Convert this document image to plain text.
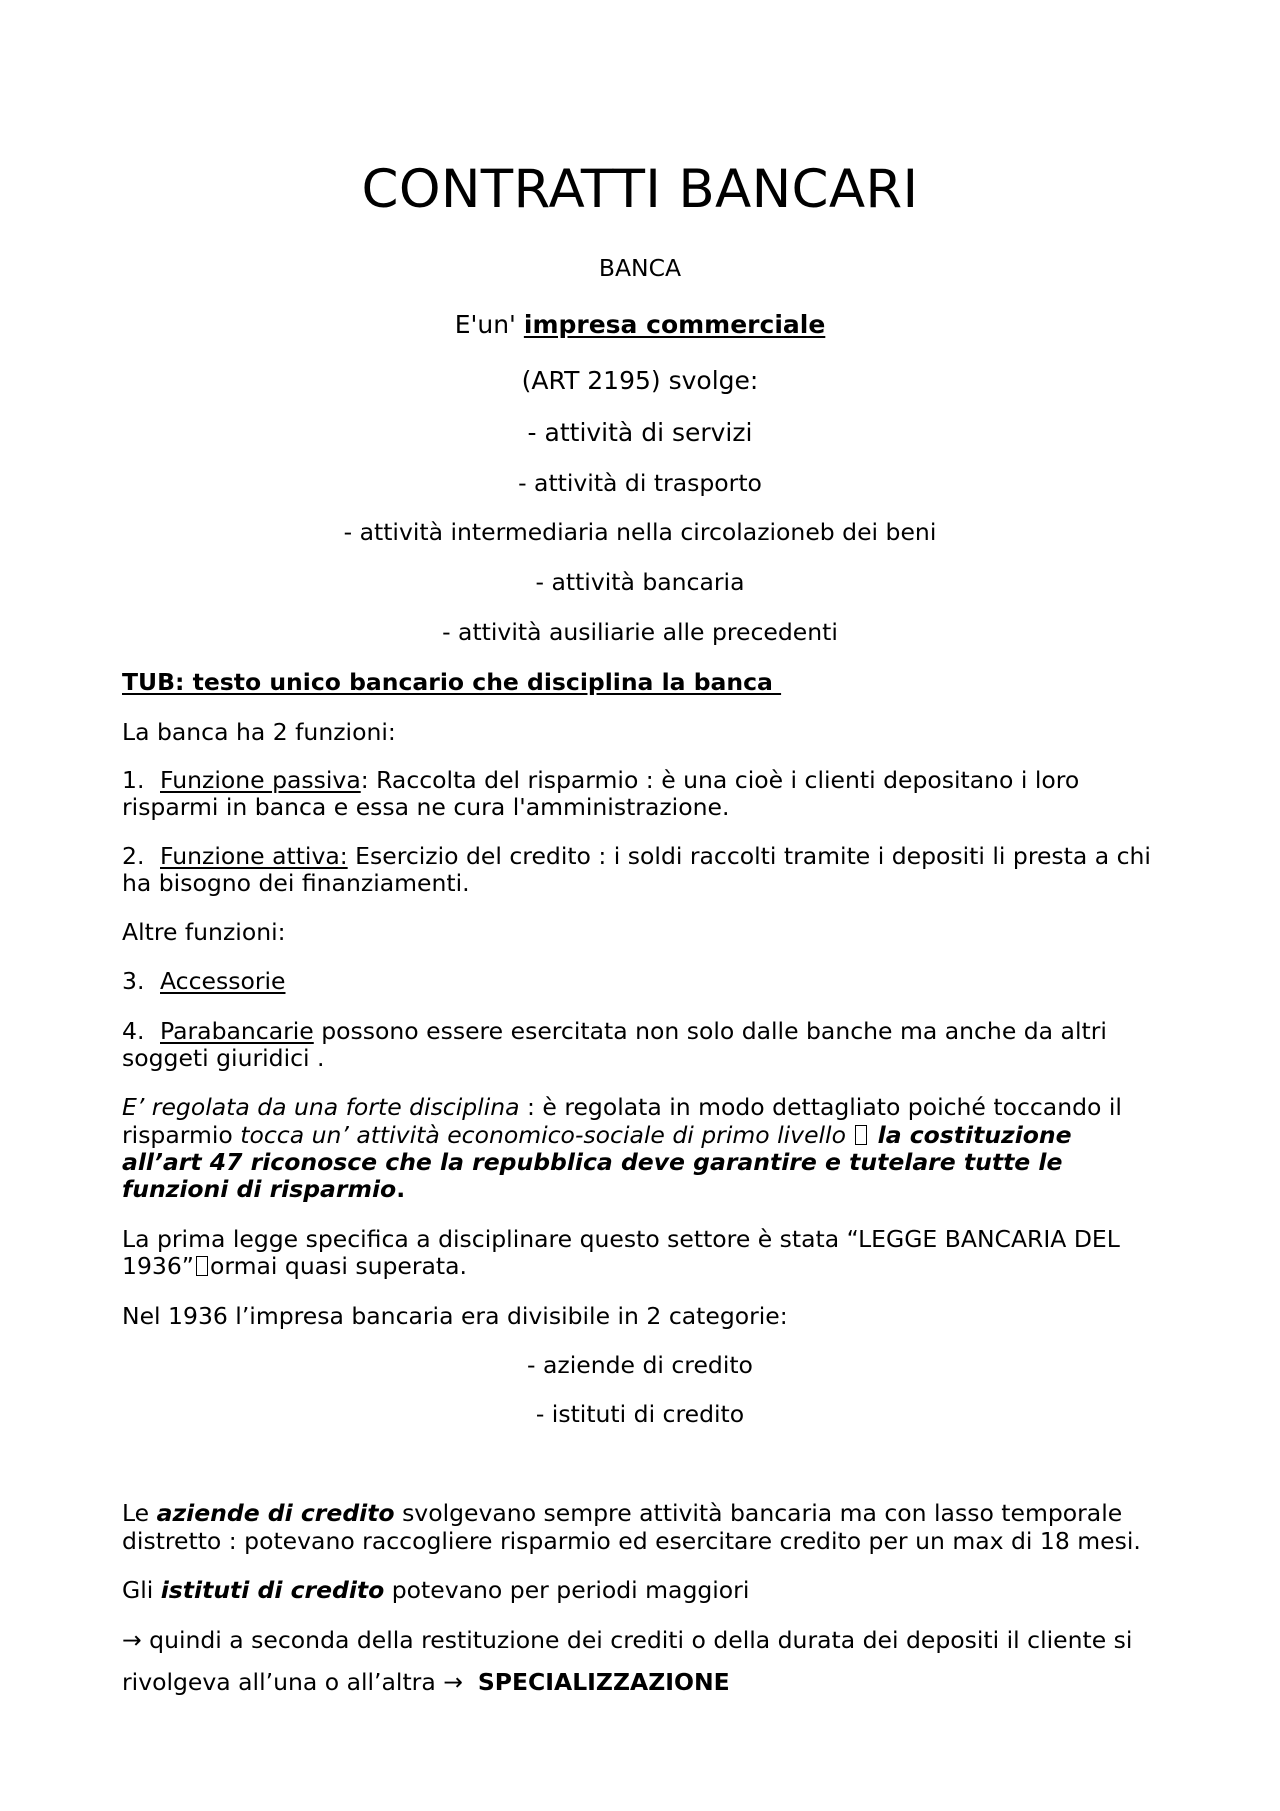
CONTRATTI BANCARI
BANCA
E'un' impresa commerciale
(ART 2195) svolge:
- attività di servizi
- attività di trasporto
- attività intermediaria nella circolazioneb dei beni
- attività bancaria
- attività ausiliarie alle precedenti
TUB: testo unico bancario che disciplina la banca
La banca ha 2 funzioni:
1. Funzione passiva: Raccolta del risparmio : è una cioè i clienti depositano i loro
risparmi in banca e essa ne cura l'amministrazione.
2. Funzione attiva: Esercizio del credito : i soldi raccolti tramite i depositi li presta a chi
ha bisogno dei finanziamenti.
Altre funzioni:
3. Accessorie
4. Parabancarie possono essere esercitata non solo dalle banche ma anche da altri
soggeti giuridici .
E’ regolata da una forte disciplina : è regolata in modo dettagliato poiché toccando il
risparmio tocca un’ attività economico-sociale di primo livello  la costituzione
all’art 47 riconosce che la repubblica deve garantire e tutelare tutte le
funzioni di risparmio.
La prima legge specifica a disciplinare questo settore è stata “LEGGE BANCARIA DEL
1936” ormai quasi superata.
Nel 1936 l’impresa bancaria era divisibile in 2 categorie:
- aziende di credito
- istituti di credito
Le aziende di credito svolgevano sempre attività bancaria ma con lasso temporale
distretto : potevano raccogliere risparmio ed esercitare credito per un max di 18 mesi.
Gli istituti di credito potevano per periodi maggiori
→ quindi a seconda della restituzione dei crediti o della durata dei depositi il cliente si
rivolgeva all’una o all’altra →  SPECIALIZZAZIONE
